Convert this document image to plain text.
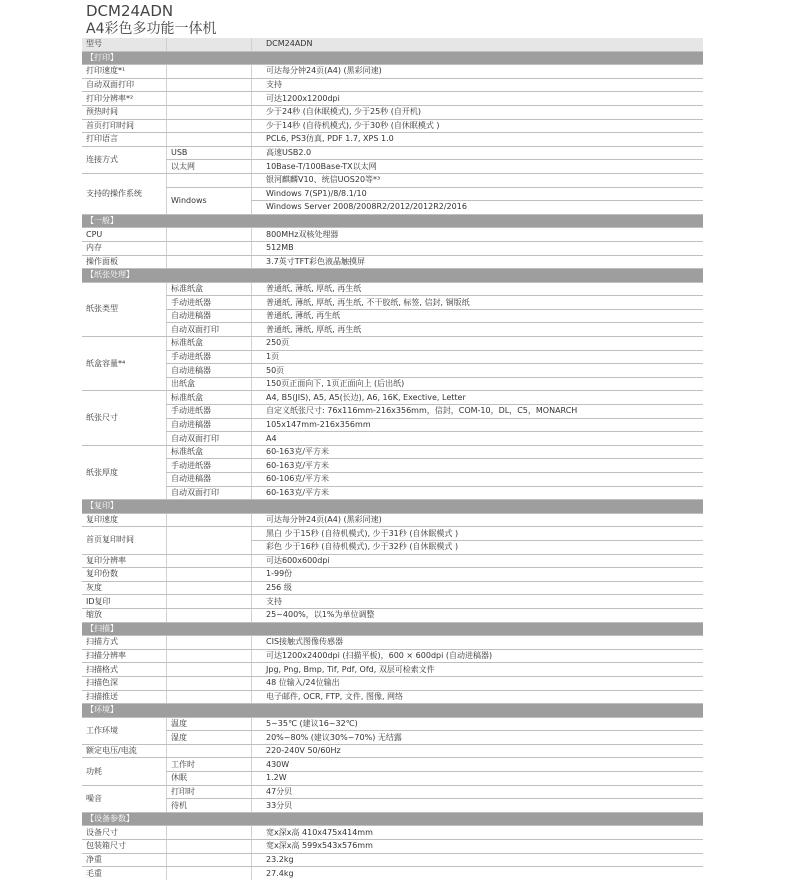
DCM24ADN
A4彩色多功能一体机
型号		DCM24ADN
【打印】		
打印速度*¹		可达每分钟24页(A4) (黑彩同速)
自动双面打印		支持
打印分辨率*²		可达1200x1200dpi
预热时间		少于24秒 (自休眠模式), 少于25秒 (自开机)
首页打印时间		少于14秒 (自待机模式), 少于30秒 (自休眠模式 )
打印语言		PCL6, PS3仿真, PDF 1.7, XPS 1.0
连接方式	USB	高速USB2.0
	以太网	10Base-T/100Base-TX以太网
支持的操作系统		银河麒麟V10、统信UOS20等*³
	Windows	Windows 7(SP1)/8/8.1/10
		Windows Server 2008/2008R2/2012/2012R2/2016
【一般】		
CPU		800MHz双核处理器
内存		512MB
操作面板		3.7英寸TFT彩色液晶触摸屏
【纸张处理】		
纸张类型	标准纸盒	普通纸, 薄纸, 厚纸, 再生纸
	手动进纸器	普通纸, 薄纸, 厚纸, 再生纸, 不干胶纸, 标签, 信封, 铜版纸
	自动进稿器	普通纸, 薄纸, 再生纸
	自动双面打印	普通纸, 薄纸, 厚纸, 再生纸
纸盒容量*⁴	标准纸盒	250页
	手动进纸器	1页
	自动进稿器	50页
	出纸盒	150页正面向下, 1页正面向上 (后出纸)
纸张尺寸	标准纸盒	A4, B5(JIS), A5, A5(长边), A6, 16K, Exective, Letter
	手动进纸器	自定义纸张尺寸: 76x116mm-216x356mm，信封，COM-10，DL，C5，MONARCH
	自动进稿器	105x147mm-216x356mm
	自动双面打印	A4
纸张厚度	标准纸盒	60-163克/平方米
	手动进纸器	60-163克/平方米
	自动进稿器	60-106克/平方米
	自动双面打印	60-163克/平方米
【复印】		
复印速度		可达每分钟24页(A4) (黑彩同速)
首页复印时间		黑白 少于15秒 (自待机模式), 少于31秒 (自休眠模式 )
		彩色 少于16秒 (自待机模式), 少于32秒 (自休眠模式 )
复印分辨率		可达600x600dpi
复印份数		1-99份
灰度		256 级
ID复印		支持
缩放		25~400%，以1%为单位调整
【扫描】		
扫描方式		CIS接触式图像传感器
扫描分辨率		可达1200x2400dpi (扫描平板)，600 × 600dpi (自动进稿器)
扫描格式		Jpg, Png, Bmp, Tif, Pdf, Ofd, 双层可检索文件
扫描色深		48 位输入/24位输出
扫描推送		电子邮件, OCR, FTP, 文件, 图像, 网络
【环境】		
工作环境	温度	5~35℃ (建议16~32℃)
	湿度	20%~80% (建议30%~70%) 无结露
额定电压/电流		220-240V 50/60Hz
功耗	工作时	430W
	休眠	1.2W
噪音	打印时	47分贝
	待机	33分贝
【设备参数】		
设备尺寸		宽x深x高 410x475x414mm
包装箱尺寸		宽x深x高 599x543x576mm
净重		23.2kg
毛重		27.4kg
